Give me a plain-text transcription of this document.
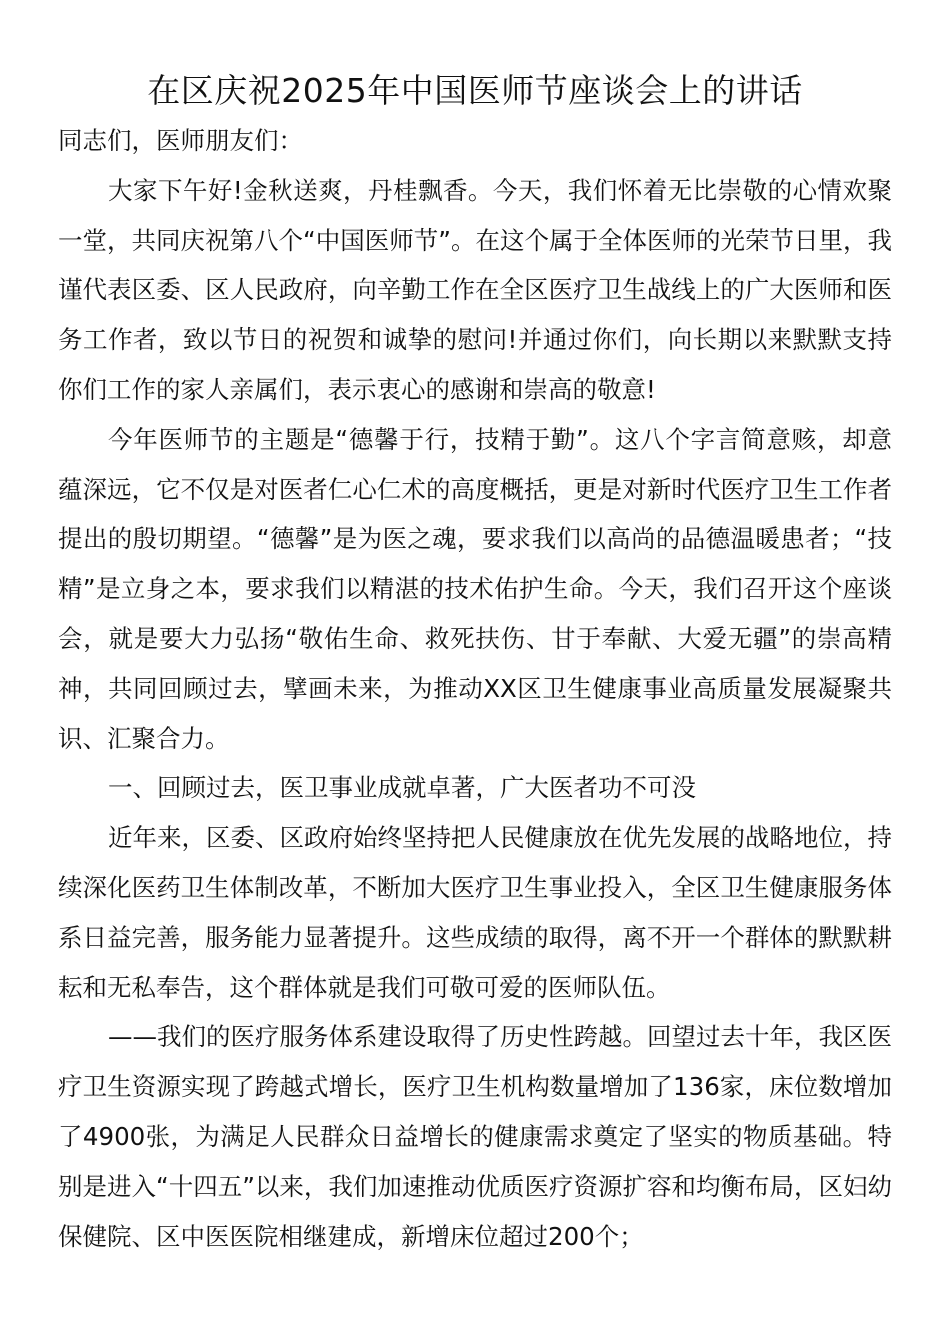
在区庆祝2025年中国医师节座谈会上的讲话

同志们，医师朋友们：

大家下午好!金秋送爽，丹桂飘香。今天，我们怀着无比崇敬的心情欢聚一堂，共同庆祝第八个“中国医师节”。在这个属于全体医师的光荣节日里，我谨代表区委、区人民政府，向辛勤工作在全区医疗卫生战线上的广大医师和医务工作者，致以节日的祝贺和诚挚的慰问!并通过你们，向长期以来默默支持你们工作的家人亲属们，表示衷心的感谢和崇高的敬意!

今年医师节的主题是“德馨于行，技精于勤”。这八个字言简意赅，却意蕴深远，它不仅是对医者仁心仁术的高度概括，更是对新时代医疗卫生工作者提出的殷切期望。“德馨”是为医之魂，要求我们以高尚的品德温暖患者；“技精”是立身之本，要求我们以精湛的技术佑护生命。今天，我们召开这个座谈会，就是要大力弘扬“敬佑生命、救死扶伤、甘于奉献、大爱无疆”的崇高精神，共同回顾过去，擘画未来，为推动XX区卫生健康事业高质量发展凝聚共识、汇聚合力。

一、回顾过去，医卫事业成就卓著，广大医者功不可没

近年来，区委、区政府始终坚持把人民健康放在优先发展的战略地位，持续深化医药卫生体制改革，不断加大医疗卫生事业投入，全区卫生健康服务体系日益完善，服务能力显著提升。这些成绩的取得，离不开一个群体的默默耕耘和无私奉告，这个群体就是我们可敬可爱的医师队伍。

——我们的医疗服务体系建设取得了历史性跨越。回望过去十年，我区医疗卫生资源实现了跨越式增长，医疗卫生机构数量增加了136家，床位数增加了4900张，为满足人民群众日益增长的健康需求奠定了坚实的物质基础。特别是进入“十四五”以来，我们加速推动优质医疗资源扩容和均衡布局，区妇幼保健院、区中医医院相继建成，新增床位超过200个；
